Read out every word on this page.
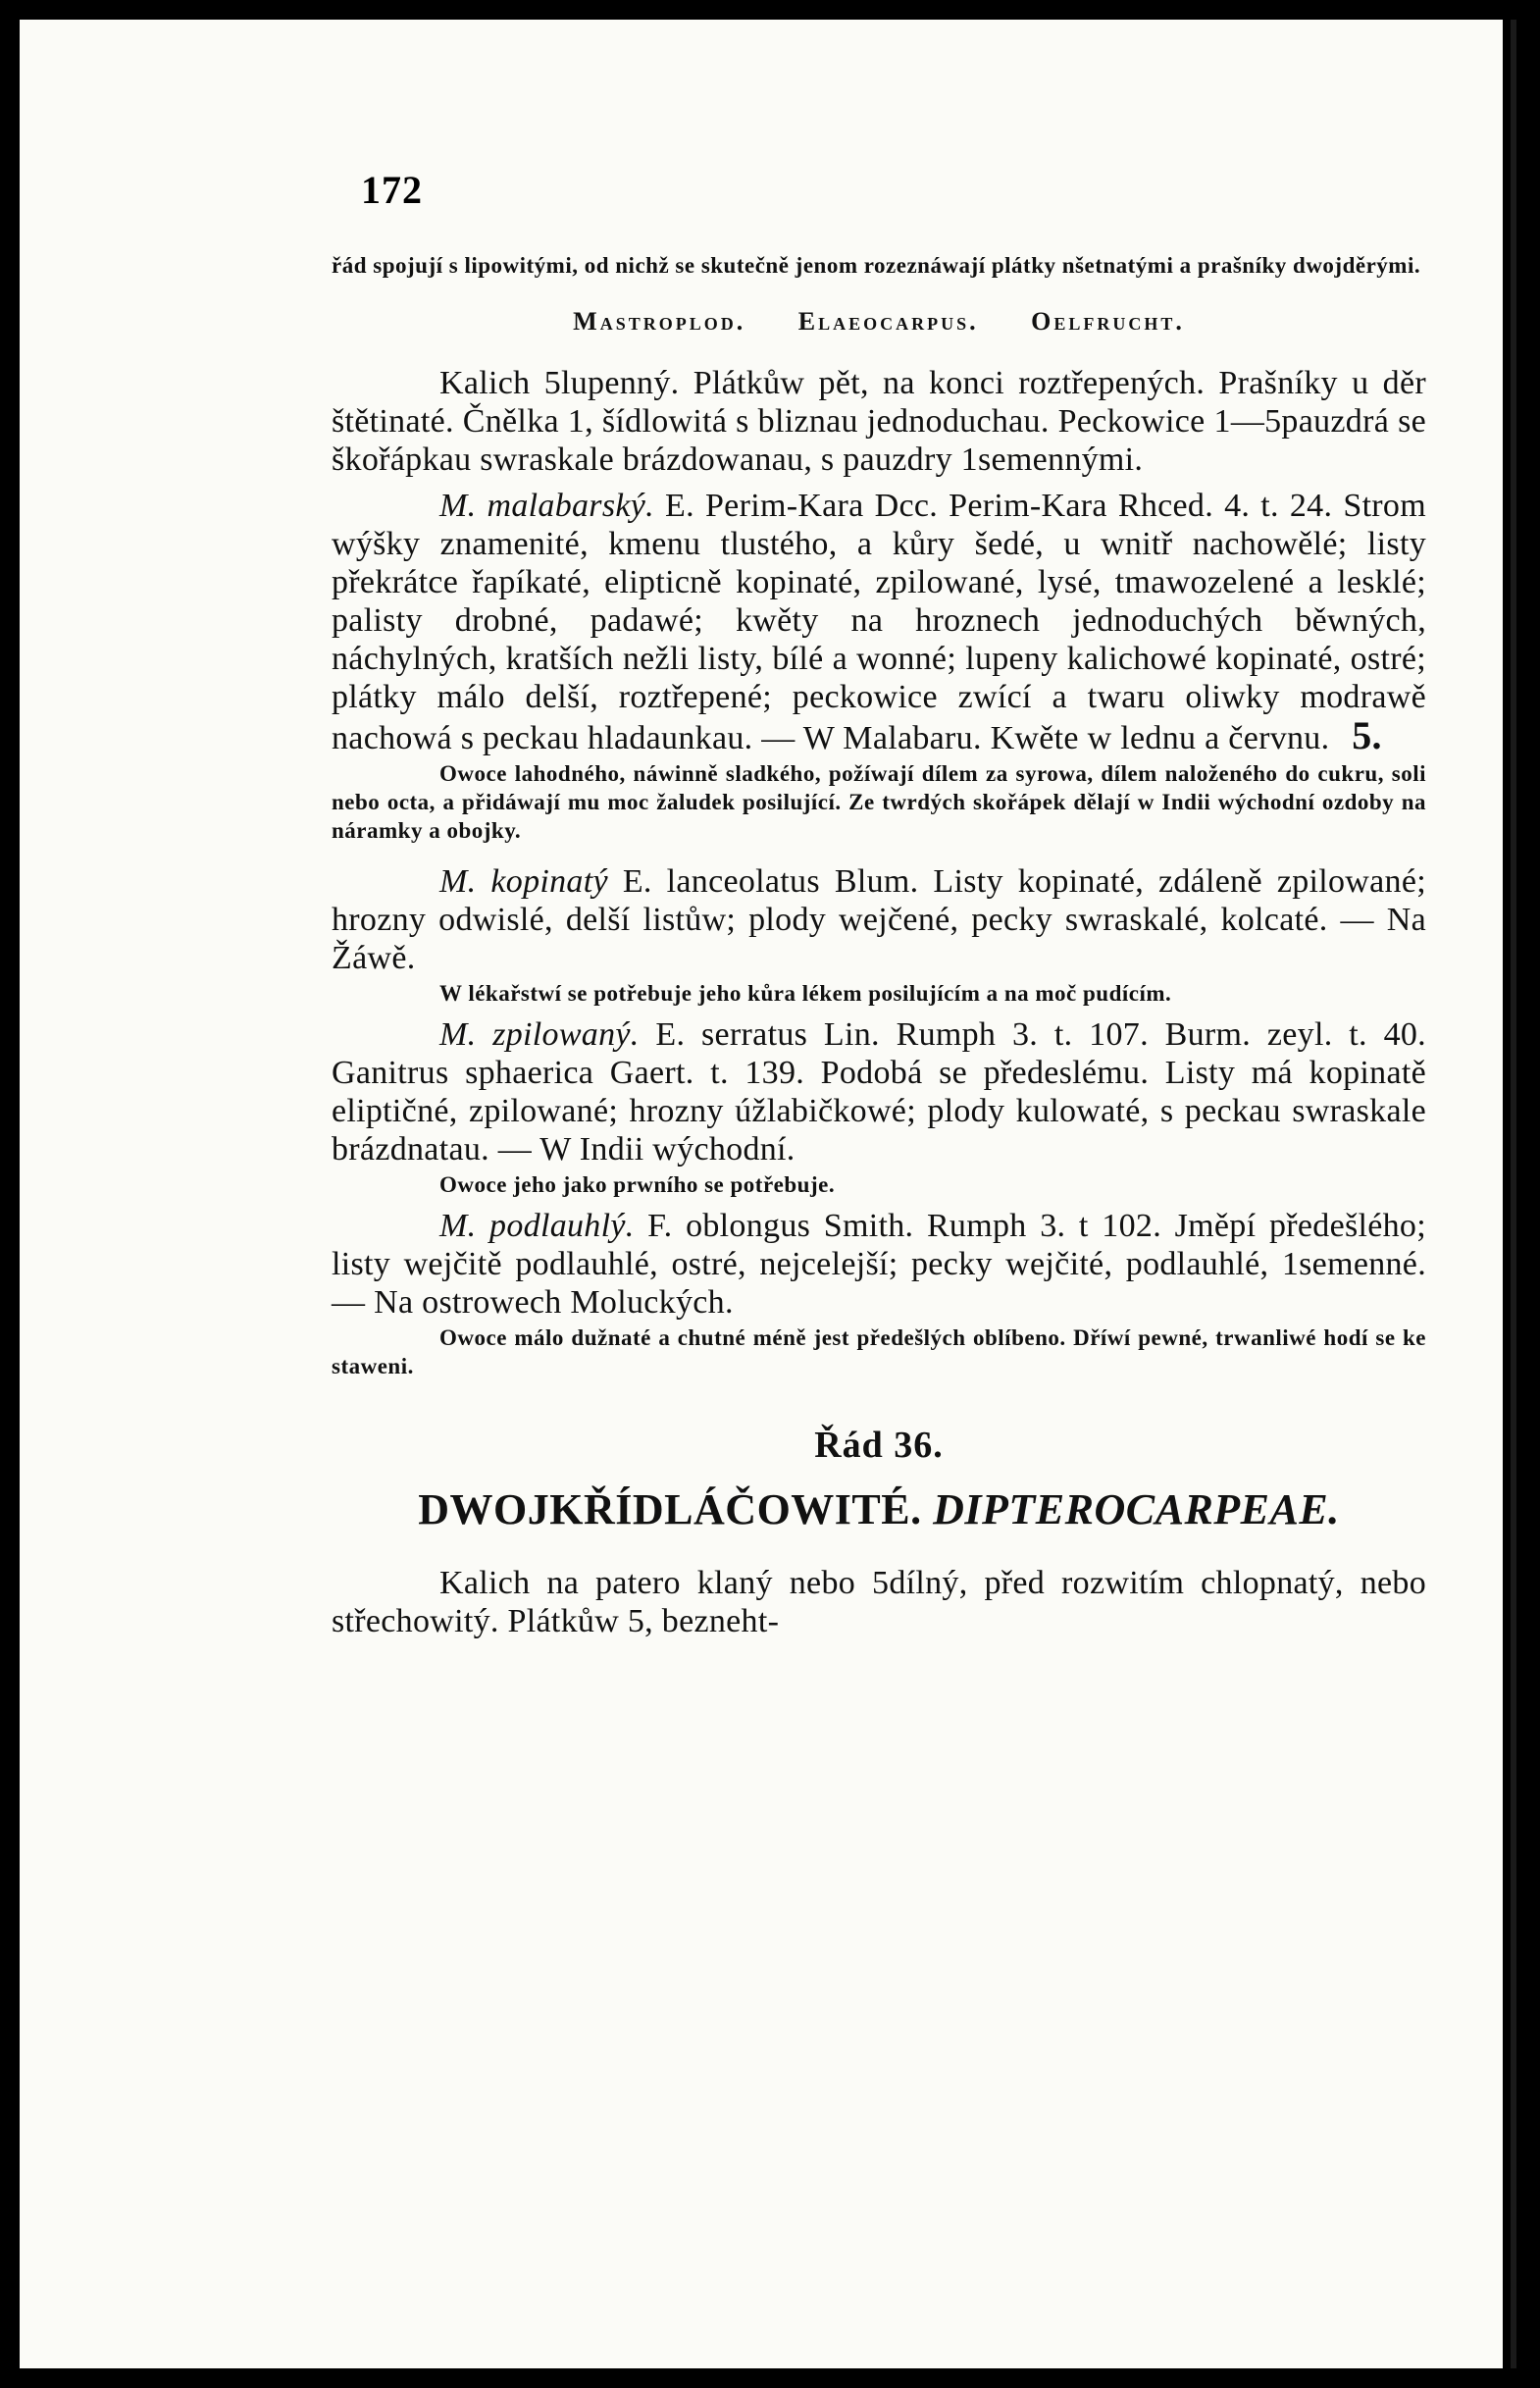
172

řád spojují s lipowitými, od nichž se skutečně jenom rozeznáwají plátky nšetnatými a prašníky dwojděrými.

Mastroplod. Elaeocarpus. Oelfrucht.

Kalich 5lupenný. Plátkůw pět, na konci roztřepených. Prašníky u děr štětinaté. Čnělka 1, šídlowitá s bliznau jednoduchau. Peckowice 1—5pauzdrá se škořápkau swraskale brázdowanau, s pauzdry 1semennými.

M. malabarský. E. Perim-Kara Dcc. Perim-Kara Rhced. 4. t. 24. Strom wýšky znamenité, kmenu tlustého, a kůry šedé, u wnitř nachowělé; listy překrátce řapíkaté, elipticně kopinaté, zpilowané, lysé, tmawozelené a lesklé; palisty drobné, padawé; kwěty na hroznech jednoduchých běwných, náchylných, kratších nežli listy, bílé a wonné; lupeny kalichowé kopinaté, ostré; plátky málo delší, roztřepené; peckowice zwící a twaru oliwky modrawě nachowá s peckau hladaunkau. — W Malabaru. Kwěte w lednu a červnu. 5.

Owoce lahodného, náwinně sladkého, požíwají dílem za syrowa, dílem naloženého do cukru, soli nebo octa, a přidáwají mu moc žaludek posilující. Ze twrdých skořápek dělají w Indii wýchodní ozdoby na náramky a obojky.

M. kopinatý E. lanceolatus Blum. Listy kopinaté, zdáleně zpilowané; hrozny odwislé, delší listůw; plody wejčené, pecky swraskalé, kolcaté. — Na Žáwě.

W lékařstwí se potřebuje jeho kůra lékem posilujícím a na moč pudícím.

M. zpilowaný. E. serratus Lin. Rumph 3. t. 107. Burm. zeyl. t. 40. Ganitrus sphaerica Gaert. t. 139. Podobá se předeslému. Listy má kopinatě eliptičné, zpilowané; hrozny úžlabičkowé; plody kulowaté, s peckau swraskale brázdnatau. — W Indii wýchodní.

Owoce jeho jako prwního se potřebuje.

M. podlauhlý. F. oblongus Smith. Rumph 3. t 102. Jměpí předešlého; listy wejčitě podlauhlé, ostré, nejcelejší; pecky wejčité, podlauhlé, 1semenné. — Na ostrowech Moluckých.

Owoce málo dužnaté a chutné méně jest předešlých oblíbeno. Dříwí pewné, trwanliwé hodí se ke staweni.

Řád 36.
DWOJKŘÍDLÁČOWITÉ. DIPTEROCARPEAE.

Kalich na patero klaný nebo 5dílný, před rozwitím chlopnatý, nebo střechowitý. Plátkůw 5, bezneht-
